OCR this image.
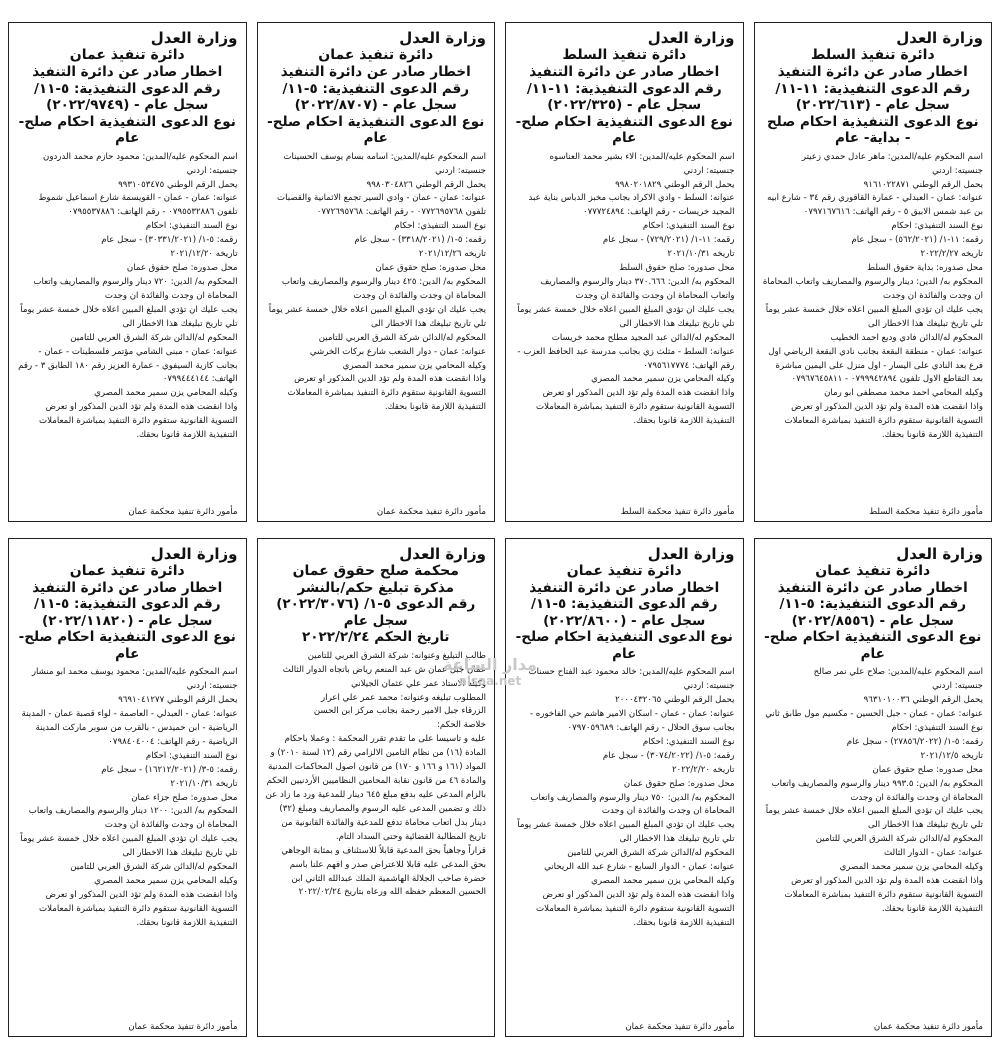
وزارة العدل
دائرة تنفيذ عمان
اخطار صادر عن دائرة التنفيذ
رقم الدعوى التنفيذية: ٥-١١/
(٢٠٢٢/٩٧٤٩) - سجل عام
نوع الدعوى التنفيذية احكام صلح- عام
اسم المحكوم عليه/المدين: محمود حازم محمد الدردون
جنسيته: اردني
يحمل الرقم الوطني ٩٩٣١٠٥٣٤٧٥
عنوانه: عمان - عمان - القويسمة شارع اسماعيل شموط تلفون ٠٧٩٥٥٣٢٨٨٦ - رقم الهاتف: ٠٧٩٥٥٣٧٨٨٦
نوع السند التنفيذي: احكام
رقمه: ٥-١/ (٣٠٣٣١/٢٠٢١) - سجل عام
تاريخه ٢٠٢١/١٢/٢٠
محل صدوره: صلح حقوق عمان
المحكوم به/ الدين: ٧٢٠ دينار والرسوم والمصاريف واتعاب المحاماة ان وجدت والفائدة ان وجدت
يجب عليك ان تؤدي المبلغ المبين اعلاه خلال خمسة عشر يوماً تلي تاريخ تبليغك هذا الاخطار الى
المحكوم له/الدائن شركة الشرق العربي للتامين
عنوانه: عمان - مبنى الشامي مؤتمر فلسطينات - عمان - بجانب كازية السيفوي - عمارة العزيز رقم ١٨٠ الطابق ٣ - رقم الهاتف: ٠٧٩٩٤٤٤١٤٤
وكيله المحامي يزن سمير محمد المصري
واذا انقضت هذه المدة ولم تؤد الدين المذكور او تعرض التسوية القانونية ستقوم دائرة التنفيذ بمباشرة المعاملات التنفيذية اللازمة قانونا بحقك.
مأمور دائرة تنفيذ محكمة عمان
وزارة العدل
دائرة تنفيذ عمان
اخطار صادر عن دائرة التنفيذ
رقم الدعوى التنفيذية: ٥-١١/
(٢٠٢٢/٨٧٠٧) - سجل عام
نوع الدعوى التنفيذية احكام صلح- عام
اسم المحكوم عليه/المدين: اسامه بسام يوسف الحسينات
جنسيته: اردني
يحمل الرقم الوطني ٩٩٨٠٣٠٤٨٢٦
عنوانه: عمان - عمان - وادي السير تجمع الاثمانية والقصبات تلفون ٠٧٧٢٦٩٥٧٦٨ - رقم الهاتف: ٠٧٧٢٦٩٥٧٦٨
نوع السند التنفيذي: احكام
رقمه: ٥-١/ (٣٣١٨/٢٠٢١) - سجل عام
تاريخه ٢٠٢١/١٢/٢٦
محل صدوره: صلح حقوق عمان
المحكوم به/ الدين: ٤٢٥ دينار والرسوم والمصاريف واتعاب المحاماة ان وجدت والفائدة ان وجدت
يجب عليك ان تؤدي المبلغ المبين اعلاه خلال خمسة عشر يوماً تلي تاريخ تبليغك هذا الاخطار الى
المحكوم له/الدائن شركة الشرق العربي للتامين
عنوانه: عمان - دوار الشعب شارع بركات الخرشي
وكيله المحامي يزن سمير محمد المصري
واذا انقضت هذه المدة ولم تؤد الدين المذكور او تعرض التسوية القانونية ستقوم دائرة التنفيذ بمباشرة المعاملات التنفيذية اللازمة قانونا بحقك.
مأمور دائرة تنفيذ محكمة عمان
وزارة العدل
دائرة تنفيذ السلط
اخطار صادر عن دائرة التنفيذ
رقم الدعوى التنفيذية: ١١-١١/
(٢٠٢٢/٣٢٥) - سجل عام
نوع الدعوى التنفيذية احكام صلح- عام
اسم المحكوم عليه/المدين: الاء بشير محمد العناسوه
جنسيته: اردني
يحمل الرقم الوطني ٩٩٨٠٢٠١٨٢٩
عنوانه: السلط - وادي الاكراد بجانب مخبز الدباس بناية عبد المجيد خريسات - رقم الهاتف: ٠٧٧٧٢٤٨٩٤
نوع السند التنفيذي: احكام
رقمه: ١١-١/ (٧٢٩/٢٠٢١) - سجل عام
تاريخه ٢٠٢١/١٠/٣١
محل صدوره: صلح حقوق السلط
المحكوم به/ الدين: ٣٧٠.٦٦٦ دينار والرسوم والمصاريف واتعاب المحاماة ان وجدت والفائدة ان وجدت
يجب عليك ان تؤدي المبلغ المبين اعلاه خلال خمسة عشر يوماً تلي تاريخ تبليغك هذا الاخطار الى
المحكوم له/الدائن عبد المجيد مطلح محمد خريسات
عنوانه: السلط - مثلث زي بجانب مدرسة عبد الحافظ العزب - رقم الهاتف: ٠٧٩٥٦١٧٧٧٤
وكيله المحامي يزن سمير محمد المصري
واذا انقضت هذه المدة ولم تؤد الدين المذكور او تعرض التسوية القانونية ستقوم دائرة التنفيذ بمباشرة المعاملات التنفيذية اللازمة قانونا بحقك.
مأمور دائرة تنفيذ محكمة السلط
وزارة العدل
دائرة تنفيذ السلط
اخطار صادر عن دائرة التنفيذ
رقم الدعوى التنفيذية: ١١-١١/
(٢٠٢٢/٦١٣) - سجل عام
نوع الدعوى التنفيذية احكام صلح - بداية- عام
اسم المحكوم عليه/المدين: ماهر عادل حمدي زعيتر
جنسيته: اردني
يحمل الرقم الوطني ٩١٦١٠٢٢٨٧١
عنوانه: عمان - العبدلي - عمارة القاقوري رقم ٣٤ - شارع ابيه بن عبد شمس الابيق ٥ - رقم الهاتف: ٠٧٩٧١٦٧٦١٦
نوع السند التنفيذي: احكام
رقمه: ١١-١/ (٥٦٢/٢٠٢١) - سجل عام
تاريخه ٢٠٢٢/٢/٢٧
محل صدوره: بداية حقوق السلط
المحكوم به/ الدين: دينار والرسوم والمصاريف واتعاب المحاماة ان وجدت والفائدة ان وجدت
يجب عليك ان تؤدي المبلغ المبين اعلاه خلال خمسة عشر يوماً تلي تاريخ تبليغك هذا الاخطار الى
المحكوم له/الدائن فادي وديع احمد الخطيب
عنوانه: عمان - منطقة البقعة بجانب نادي البقعة الرياضي اول فرع بعد النادي على اليسار - اول منزل على اليمين مباشرة بعد التقاطع الاول تلفون ٠٧٩٩٩٤٢٨٩٤ - ٠٧٩٦٧٦٤٥٨١١
وكيله المحامي احمد محمد مصطفى ابو رمان
واذا انقضت هذه المدة ولم تؤد الدين المذكور او تعرض التسوية القانونية ستقوم دائرة التنفيذ بمباشرة المعاملات التنفيذية اللازمة قانونا بحقك.
مأمور دائرة تنفيذ محكمة السلط
وزارة العدل
دائرة تنفيذ عمان
اخطار صادر عن دائرة التنفيذ
رقم الدعوى التنفيذية: ٥-١١/
(٢٠٢٢/١١٨٢٠) - سجل عام
نوع الدعوى التنفيذية احكام صلح- عام
اسم المحكوم عليه/المدين: محمود يوسف محمد ابو منشار
جنسيته: اردني
يحمل الرقم الوطني ٩٦٩١٠٤١٢٧٧
عنوانه: عمان - العبدلي - العاصمة - لواء قصبة عمان - المدينة الرياضية - ابن حميدس - بالقرب من سوبر ماركت المدينة الرياضية - رقم الهاتف: ٠٧٩٨٤٠٤٠٠٤
نوع السند التنفيذي: احكام
رقمه: ٥-٣/ (١٦٢١٢/٢٠٢١) - سجل عام
تاريخه ٢٠٢١/١٠/٣١
محل صدوره: صلح جزاء عمان
المحكوم به/ الدين: ١٢٠٠ دينار والرسوم والمصاريف واتعاب المحاماة ان وجدت والفائدة ان وجدت
يجب عليك ان تؤدي المبلغ المبين اعلاه خلال خمسة عشر يوماً تلي تاريخ تبليغك هذا الاخطار الى
المحكوم له/الدائن شركة الشرق العربي للتامين
وكيله المحامي يزن سمير محمد المصري
واذا انقضت هذه المدة ولم تؤد الدين المذكور او تعرض التسوية القانونية ستقوم دائرة التنفيذ بمباشرة المعاملات التنفيذية اللازمة قانونا بحقك.
مأمور دائرة تنفيذ محكمة عمان
وزارة العدل
محكمة صلح حقوق عمان
مذكرة تبليغ حكم/بالنشر
رقم الدعوى ٥-١/ (٢٠٢٢/٣٠٧٦)
سجل عام
تاريخ الحكم ٢٠٢٢/٢/٢٤
طالب التبليغ وعنوانه: شركة الشرق العربي للتامين
عمان جبل عمان ش عبد المنعم رياض باتجاه الدوار الثالث
وكيله الاستاذ عمر علي عثمان الجيلاني
المطلوب تبليغه وعنوانه: محمد عمر علي اعرار
الزرقاء جبل الامير رحمة بجانب مركز ابن الحسن
خلاصة الحكم:
عليه و تاسيسا على ما تقدم تقرر المحكمة : وعملا باحكام المادة (١٦) من نظام التامين الالزامي رقم (١٢ لسنة ٢٠١٠) و المواد (١٦١ و ١٦٦ و ١٧٠) من قانون اصول المحاكمات المدنية والمادة ٤٦ من قانون نقابة المحامين النظاميين الأردنيين الحكم بالزام المدعى عليه بدفع مبلغ ٦٤٥ دينار للمدعية ورد ما زاد عن ذلك و تضمين المدعى عليه الرسوم والمصاريف ومبلغ (٣٢) دينار بدل اتعاب محاماة تدفع للمدعية والفائدة القانونية من تاريخ المطالبة القضائية وحتى السداد التام.
قراراً وجاهياً بحق المدعية قابلاً للاستئناف و بمثابة الوجاهي بحق المدعى عليه قابلا للاعتراض صدر و افهم علنا باسم حضرة صاحب الجلالة الهاشمية الملك عبدالله الثاني ابن الحسين المعظم حفظه الله ورعاه بتاريخ ٢٠٢٢/٠٢/٢٤
وزارة العدل
دائرة تنفيذ عمان
اخطار صادر عن دائرة التنفيذ
رقم الدعوى التنفيذية: ٥-١١/
(٢٠٢٢/٨٦٠٠) - سجل عام
نوع الدعوى التنفيذية احكام صلح- عام
اسم المحكوم عليه/المدين: خالد محمود عبد الفتاح حسنات
جنسيته: اردني
يحمل الرقم الوطني ٢٠٠٠٤٣٢٠٦٥
عنوانه: عمان - عمان - اسكان الامير هاشم حي الفاخوره - بجانب سوق الحلال - رقم الهاتف: ٠٧٩٧٠٥٩٦٨٩
نوع السند التنفيذي: احكام
رقمه: ٥-١/ (٣٠٧٤/٢٠٢٢) - سجل عام
تاريخه ٢٠٢٢/٢/٢٠
محل صدوره: صلح حقوق عمان
المحكوم به/ الدين: ٧٥٠ دينار والرسوم والمصاريف واتعاب المحاماة ان وجدت والفائدة ان وجدت
يجب عليك ان تؤدي المبلغ المبين اعلاه خلال خمسة عشر يوماً تلي تاريخ تبليغك هذا الاخطار الى
المحكوم له/الدائن شركة الشرق العربي للتامين
عنوانه: عمان - الدوار السابع - شارع عبد الله الريحاني
وكيله المحامي يزن سمير محمد المصري
واذا انقضت هذه المدة ولم تؤد الدين المذكور او تعرض التسوية القانونية ستقوم دائرة التنفيذ بمباشرة المعاملات التنفيذية اللازمة قانونا بحقك.
مأمور دائرة تنفيذ محكمة عمان
وزارة العدل
دائرة تنفيذ عمان
اخطار صادر عن دائرة التنفيذ
رقم الدعوى التنفيذية: ٥-١١/
(٢٠٢٢/٨٥٥٦) - سجل عام
نوع الدعوى التنفيذية احكام صلح- عام
اسم المحكوم عليه/المدين: صلاح علي نمر صالح
جنسيته: اردني
يحمل الرقم الوطني ٩٦٣١٠١٠٠٣٦
عنوانه: عمان - عمان - جبل الحسين - مكسيم مول طابق ثاني
نوع السند التنفيذي: احكام
رقمه: ٥-١/ (٢٧٨٥٦/٢٠٢٢) - سجل عام
تاريخه ٢٠٢١/١٢/٥
محل صدوره: صلح حقوق عمان
المحكوم به/ الدين: ٩٩٣.٥ دينار والرسوم والمصاريف واتعاب المحاماة ان وجدت والفائدة ان وجدت
يجب عليك ان تؤدي المبلغ المبين اعلاه خلال خمسة عشر يوماً تلي تاريخ تبليغك هذا الاخطار الى
المحكوم له/الدائن شركة الشرق العربي للتامين
عنوانه: عمان - الدوار الثالث
وكيله المحامي يزن سمير محمد المصري
واذا انقضت هذه المدة ولم تؤد الدين المذكور او تعرض التسوية القانونية ستقوم دائرة التنفيذ بمباشرة المعاملات التنفيذية اللازمة قانونا بحقك.
مأمور دائرة تنفيذ محكمة عمان
مدار الساعة
alsaa.net
